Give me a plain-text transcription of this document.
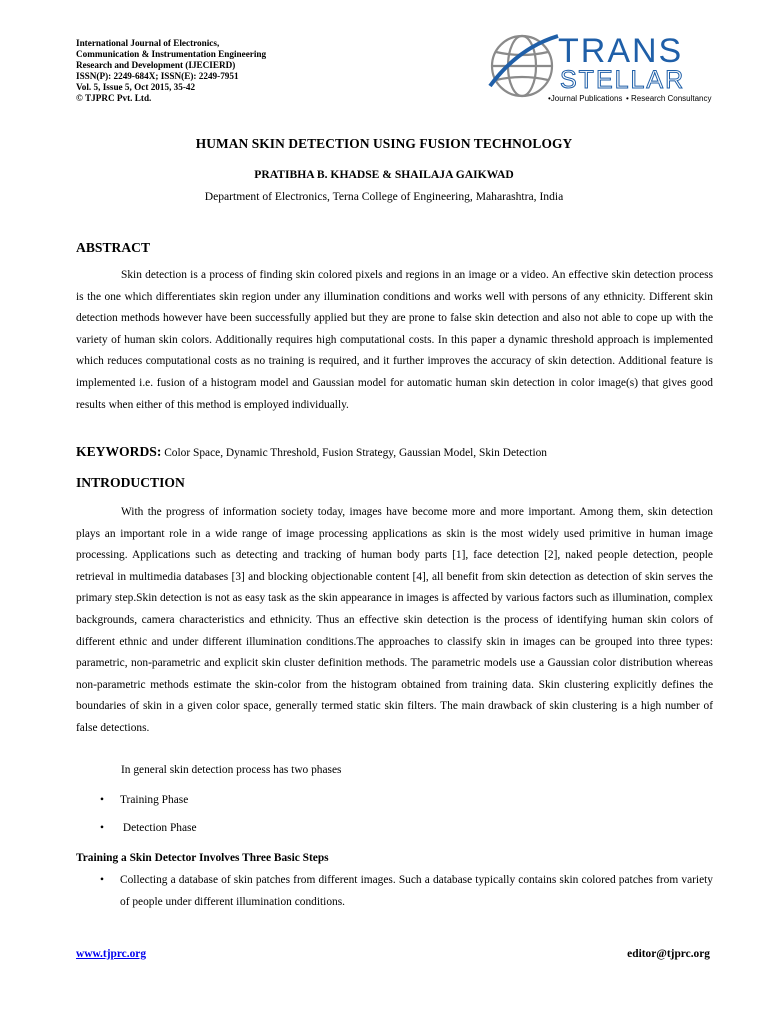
International Journal of Electronics,
Communication & Instrumentation Engineering
Research and Development (IJECIERD)
ISSN(P): 2249-684X; ISSN(E): 2249-7951
Vol. 5, Issue 5, Oct 2015, 35-42
© TJPRC Pvt. Ltd.
TRANS
STELLAR
•Journal Publications • Research Consultancy
HUMAN SKIN DETECTION USING FUSION TECHNOLOGY
PRATIBHA B. KHADSE & SHAILAJA GAIKWAD
Department of Electronics, Terna College of Engineering, Maharashtra, India
ABSTRACT

Skin detection is a process of finding skin colored pixels and regions in an image or a video. An effective skin detection process is the one which differentiates skin region under any illumination conditions and works well with persons of any ethnicity. Different skin detection methods however have been successfully applied but they are prone to false skin detection and also not able to cope up with the variety of human skin colors. Additionally requires high computational costs. In this paper a dynamic threshold approach is implemented which reduces computational costs as no training is required, and it further improves the accuracy of skin detection. Additional feature is implemented i.e. fusion of a histogram model and Gaussian model for automatic human skin detection in color image(s) that gives good results when either of this method is employed individually.

KEYWORDS: Color Space, Dynamic Threshold, Fusion Strategy, Gaussian Model, Skin Detection
INTRODUCTION

With the progress of information society today, images have become more and more important. Among them, skin detection plays an important role in a wide range of image processing applications as skin is the most widely used primitive in human image processing. Applications such as detecting and tracking of human body parts [1], face detection [2], naked people detection, people retrieval in multimedia databases [3] and blocking objectionable content [4], all benefit from skin detection as detection of skin serves the primary step.Skin detection is not as easy task as the skin appearance in images is affected by various factors such as illumination, complex backgrounds, camera characteristics and ethnicity. Thus an effective skin detection is the process of identifying human skin colors of different ethnic and under different illumination conditions.The approaches to classify skin in images can be grouped into three types: parametric, non-parametric and explicit skin cluster definition methods. The parametric models use a Gaussian color distribution whereas non-parametric methods estimate the skin-color from the histogram obtained from training data. Skin clustering explicitly defines the boundaries of skin in a given color space, generally termed static skin filters. The main drawback of skin clustering is a high number of false detections.

In general skin detection process has two phases
• Training Phase
• Detection Phase
Training a Skin Detector Involves Three Basic Steps
• Collecting a database of skin patches from different images. Such a database typically contains skin colored patches from variety of people under different illumination conditions.
www.tjprc.org	editor@tjprc.org
